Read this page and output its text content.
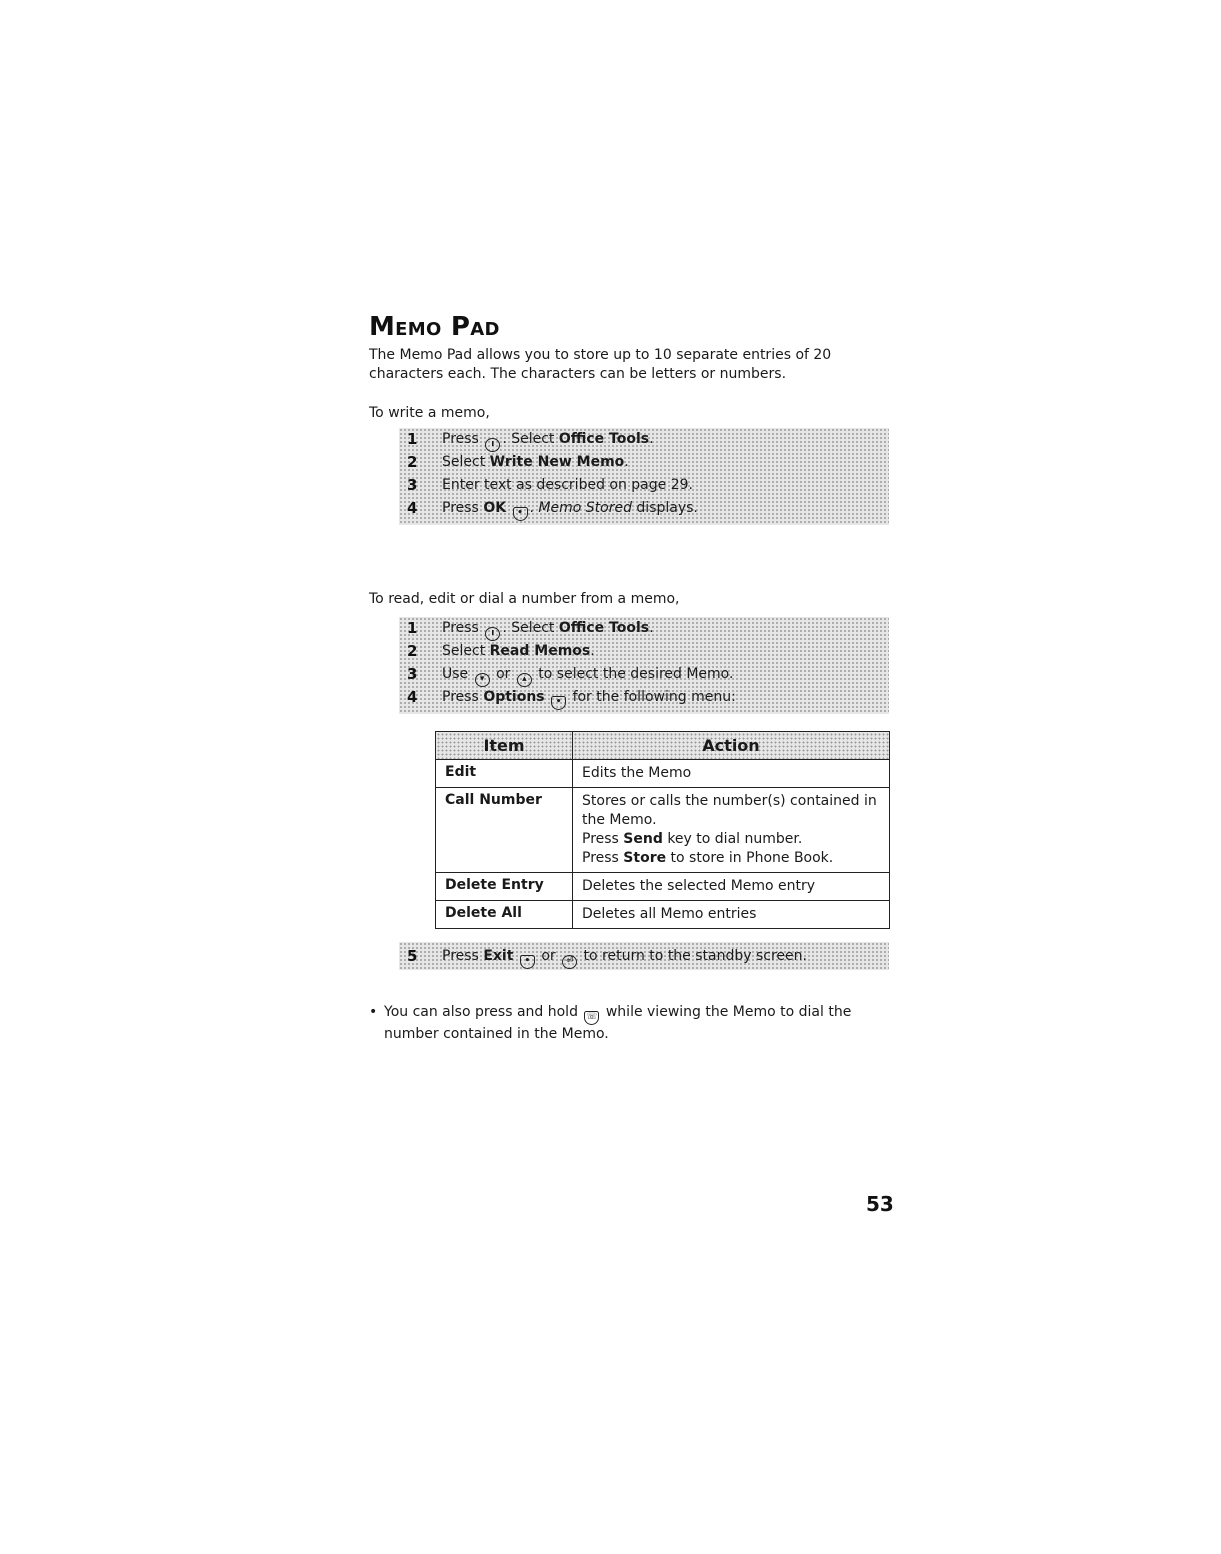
Memo Pad
The Memo Pad allows you to store up to 10 separate entries of 20 characters each. The characters can be letters or numbers.
To write a memo,
1 Press ı . Select Office Tools.
2 Select Write New Memo.
3 Enter text as described on page 29.
4 Press OK • . Memo Stored displays.
To read, edit or dial a number from a memo,
1 Press ı . Select Office Tools.
2 Select Read Memos.
3 Use ▾ or ▴ to select the desired Memo.
4 Press Options • for the following menu:
Item	Action
Edit	Edits the Memo
Call Number	Stores or calls the number(s) contained in the Memo.
Press Send key to dial number.
Press Store to store in Phone Book.

Delete Entry	Deletes the selected Memo entry
Delete All	Deletes all Memo entries
5 Press Exit • or ⏎ to return to the standby screen.
• You can also press and hold ☏ while viewing the Memo to dial the number contained in the Memo.
53
